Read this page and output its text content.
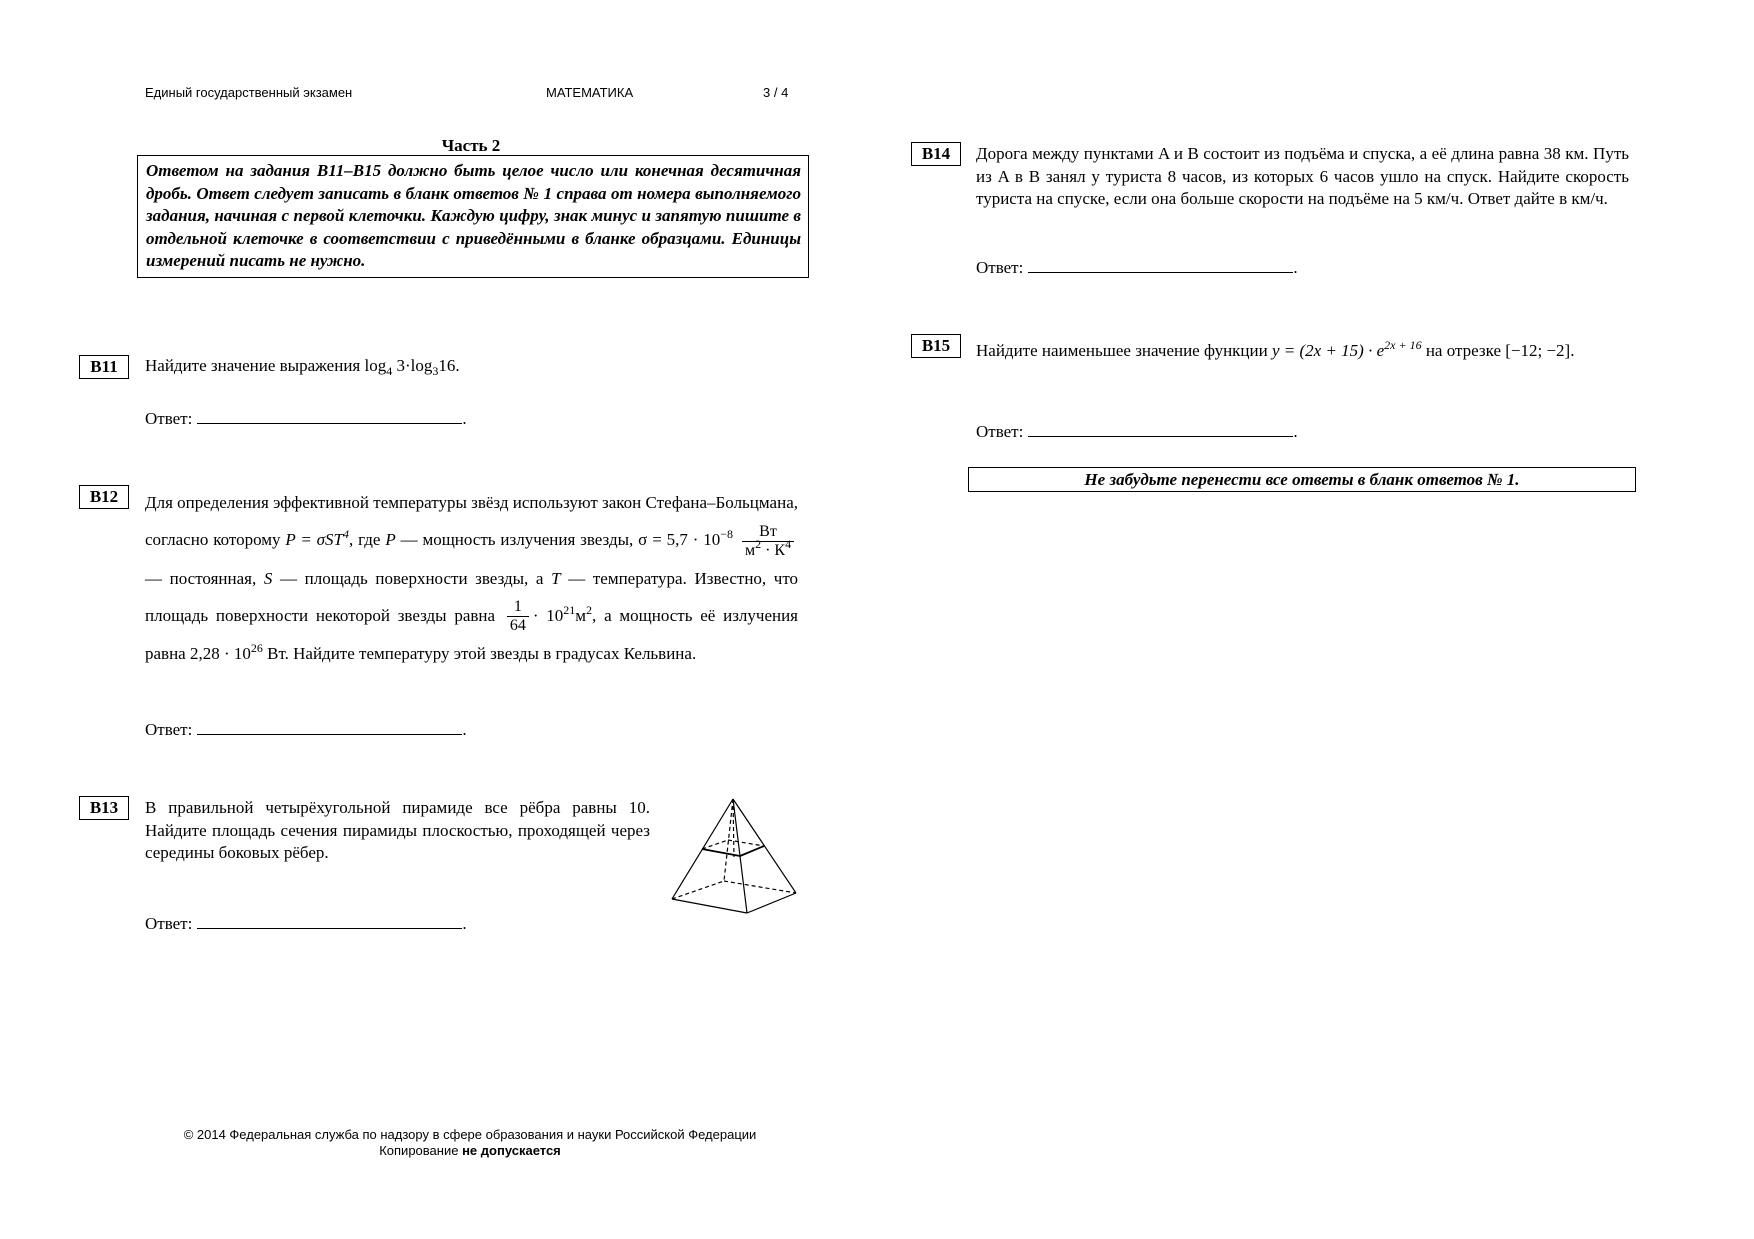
Единый государственный экзамен	МАТЕМАТИКА	3 / 4
Часть 2
Ответом на задания B11–B15 должно быть целое число или конечная десятичная дробь. Ответ следует записать в бланк ответов № 1 справа от номера выполняемого задания, начиная с первой клеточки. Каждую цифру, знак минус и запятую пишите в отдельной клеточке в соответствии с приведёнными в бланке образцами. Единицы измерений писать не нужно.
B11	Найдите значение выражения $\log_4 3\cdot\log_316$.
Ответ:	.
B12	Для определения эффективной температуры звёзд используют закон Стефана–Больцмана, согласно которому P = σST$^4$, где P — мощность излучения звезды, $\sigma = 5,7 \cdot 10^{-8} \frac{Вт}{м^2 \cdot К^4}$
— постоянная, S — площадь поверхности звезды, а T — температура. Известно, что площадь поверхности некоторой звезды равна $\frac{1}{64} \cdot 10^{21}м^2$, а мощность её излучения равна $2,28 \cdot 10^{26}$ Вт. Найдите температуру этой звезды в градусах Кельвина.
Ответ:	.
B13	В правильной четырёхугольной пирамиде все рёбра равны 10. Найдите площадь сечения пирамиды плоскостью, проходящей через середины боковых рёбер.
Ответ:	.
B14	Дорога между пунктами A и B состоит из подъёма и спуска, а её длина равна 38 км. Путь из A в B занял у туриста 8 часов, из которых 6 часов ушло на спуск. Найдите скорость туриста на спуске, если она больше скорости на подъёме на 5 км/ч. Ответ дайте в км/ч.
Ответ:	.
B15	Найдите наименьшее значение функции $y = (2x + 15) \cdot e^{2x + 16}$ на отрезке [−12; −2].
Ответ:	.
Не забудьте перенести все ответы в бланк ответов № 1.
© 2014 Федеральная служба по надзору в сфере образования и науки Российской Федерации
Копирование не допускается
